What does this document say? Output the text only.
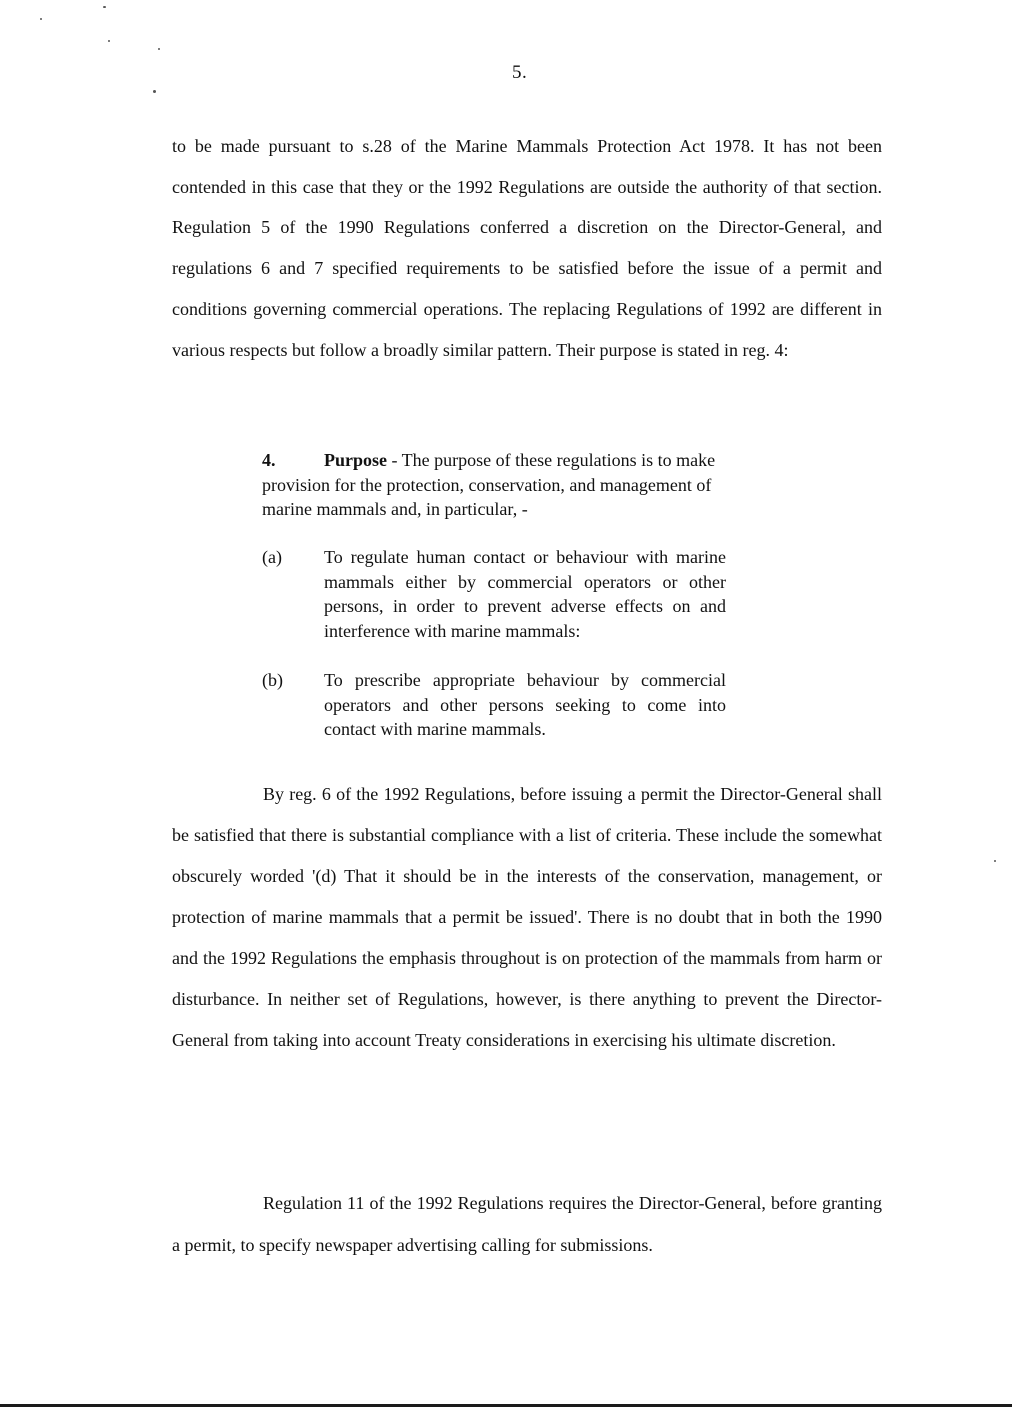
5.

to be made pursuant to s.28 of the Marine Mammals Protection Act 1978. It has not been contended in this case that they or the 1992 Regulations are outside the authority of that section. Regulation 5 of the 1990 Regulations conferred a discretion on the Director-General, and regulations 6 and 7 specified requirements to be satisfied before the issue of a permit and conditions governing commercial operations. The replacing Regulations of 1992 are different in various respects but follow a broadly similar pattern. Their purpose is stated in reg. 4:

4.	Purpose - The purpose of these regulations is to make provision for the protection, conservation, and management of marine mammals and, in particular, -
(a) To regulate human contact or behaviour with marine mammals either by commercial operators or other persons, in order to prevent adverse effects on and interference with marine mammals:
(b) To prescribe appropriate behaviour by commercial operators and other persons seeking to come into contact with marine mammals.

By reg. 6 of the 1992 Regulations, before issuing a permit the Director-General shall be satisfied that there is substantial compliance with a list of criteria. These include the somewhat obscurely worded '(d) That it should be in the interests of the conservation, management, or protection of marine mammals that a permit be issued'. There is no doubt that in both the 1990 and the 1992 Regulations the emphasis throughout is on protection of the mammals from harm or disturbance. In neither set of Regulations, however, is there anything to prevent the Director-General from taking into account Treaty considerations in exercising his ultimate discretion.

Regulation 11 of the 1992 Regulations requires the Director-General, before granting a permit, to specify newspaper advertising calling for submissions.
